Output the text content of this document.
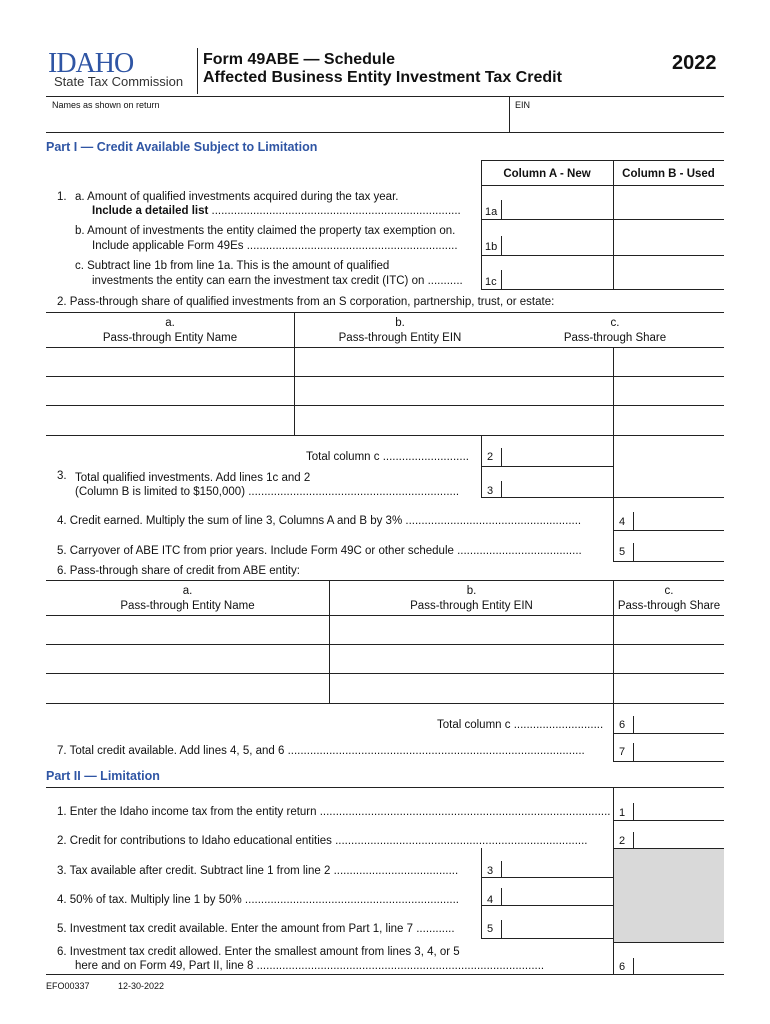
IDAHO
State Tax Commission
Form 49ABE — Schedule
Affected Business Entity Investment Tax Credit
2022
Names as shown on return	EIN
Part I — Credit Available Subject to Limitation
Column A - New	Column B - Used
1. a. Amount of qualified investments acquired during the tax year.
Include a detailed list .............................................................................. 1a
b. Amount of investments the entity claimed the property tax exemption on.
Include applicable Form 49Es .................................................................. 1b
c. Subtract line 1b from line 1a. This is the amount of qualified
investments the entity can earn the investment tax credit (ITC) on ........... 1c
2. Pass-through share of qualified investments from an S corporation, partnership, trust, or estate:
a.
Pass-through Entity Name
b.
Pass-through Entity EIN
c.
Pass-through Share
Total column c ........................... 2
3. Total qualified investments. Add lines 1c and 2
(Column B is limited to $150,000) ..................................................................	3
4. Credit earned. Multiply the sum of line 3, Columns A and B by 3% .......................................................	4
5. Carryover of ABE ITC from prior years. Include Form 49C or other schedule .......................................	5
6. Pass-through share of credit from ABE entity:
a.
Pass-through Entity Name
b.
Pass-through Entity EIN
c.
Pass-through Share
Total column c ............................ 6
7. Total credit available. Add lines 4, 5, and 6 .............................................................................................	7
Part II — Limitation
1. Enter the Idaho income tax from the entity return ........................................................................................... 1
2. Credit for contributions to Idaho educational entities ...............................................................................	2
3. Tax available after credit. Subtract line 1 from line 2 .......................................	3
4. 50% of tax. Multiply line 1 by 50% ...................................................................	4
5. Investment tax credit available. Enter the amount from Part 1, line 7 ............	5
6. Investment tax credit allowed. Enter the smallest amount from lines 3, 4, or 5
here and on Form 49, Part II, line 8 ..........................................................................................	6
EFO00337	12-30-2022
